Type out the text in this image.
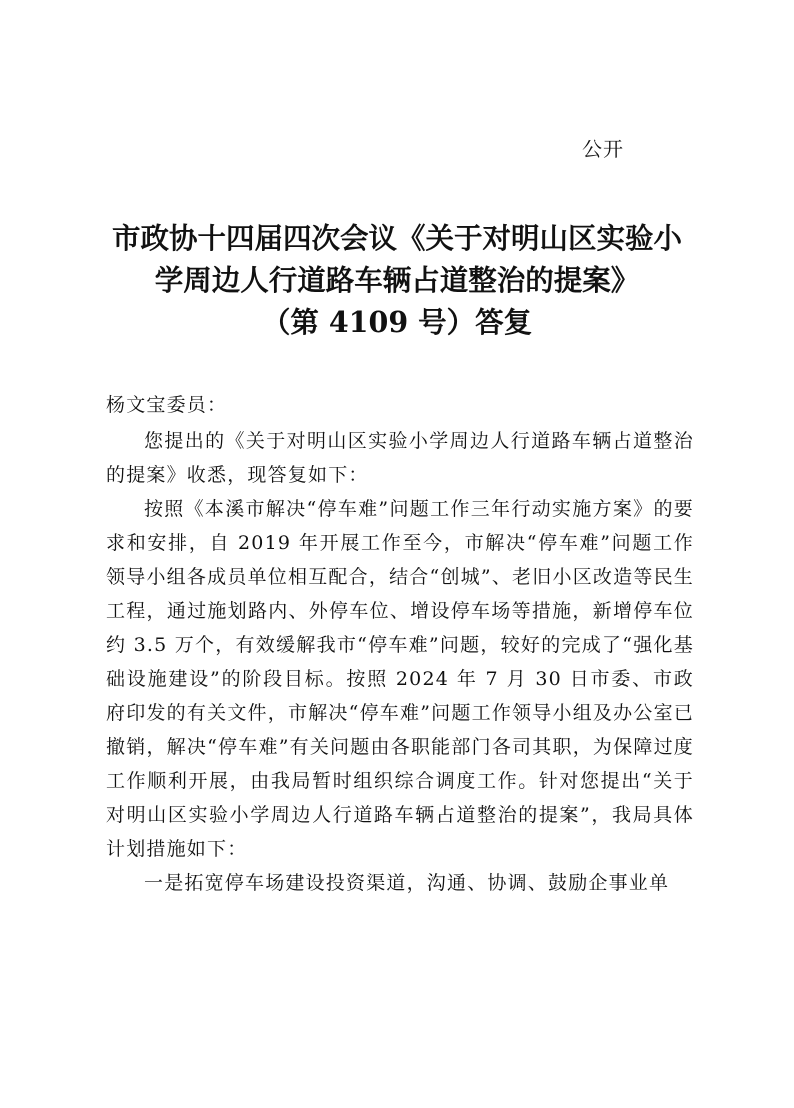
公开
市政协十四届四次会议《关于对明山区实验小
学周边人行道路车辆占道整治的提案》
（第 4109 号）答复
杨文宝委员：

您提出的《关于对明山区实验小学周边人行道路车辆占道整治的提案》收悉，现答复如下：

按照《本溪市解决“停车难”问题工作三年行动实施方案》的要求和安排，自 2019 年开展工作至今，市解决“停车难”问题工作领导小组各成员单位相互配合，结合“创城”、老旧小区改造等民生工程，通过施划路内、外停车位、增设停车场等措施，新增停车位约 3.5 万个，有效缓解我市“停车难”问题，较好的完成了“强化基础设施建设”的阶段目标。按照 2024 年 7 月 30 日市委、市政府印发的有关文件，市解决“停车难”问题工作领导小组及办公室已撤销，解决“停车难”有关问题由各职能部门各司其职，为保障过度工作顺利开展，由我局暂时组织综合调度工作。针对您提出“关于对明山区实验小学周边人行道路车辆占道整治的提案”，我局具体计划措施如下：

一是拓宽停车场建设投资渠道，沟通、协调、鼓励企事业单
